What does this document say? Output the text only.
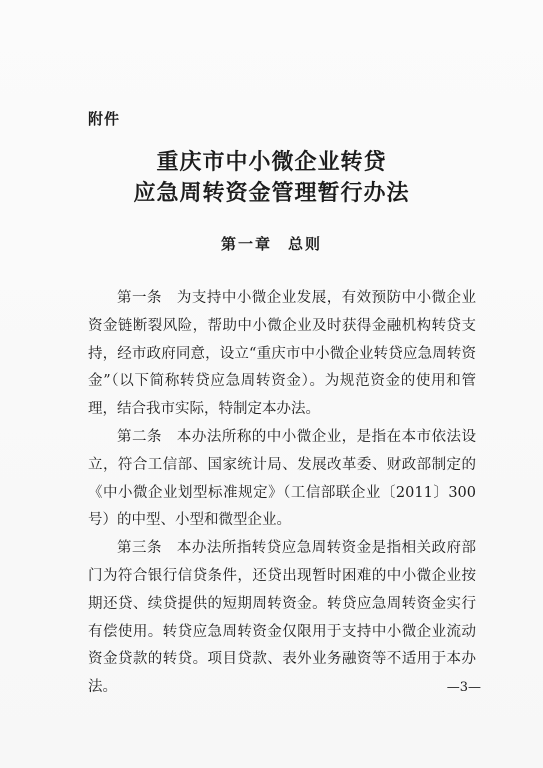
附件
重庆市中小微企业转贷
应急周转资金管理暂行办法
第一章 总则

第一条　为支持中小微企业发展，有效预防中小微企业资金链断裂风险，帮助中小微企业及时获得金融机构转贷支持，经市政府同意，设立“重庆市中小微企业转贷应急周转资金”（以下简称转贷应急周转资金）。为规范资金的使用和管理，结合我市实际，特制定本办法。

第二条　本办法所称的中小微企业，是指在本市依法设立，符合工信部、国家统计局、发展改革委、财政部制定的《中小微企业划型标准规定》（工信部联企业〔2011〕300 号）的中型、小型和微型企业。

第三条　本办法所指转贷应急周转资金是指相关政府部门为符合银行信贷条件，还贷出现暂时困难的中小微企业按期还贷、续贷提供的短期周转资金。转贷应急周转资金实行有偿使用。转贷应急周转资金仅限用于支持中小微企业流动资金贷款的转贷。项目贷款、表外业务融资等不适用于本办法。	—3—
